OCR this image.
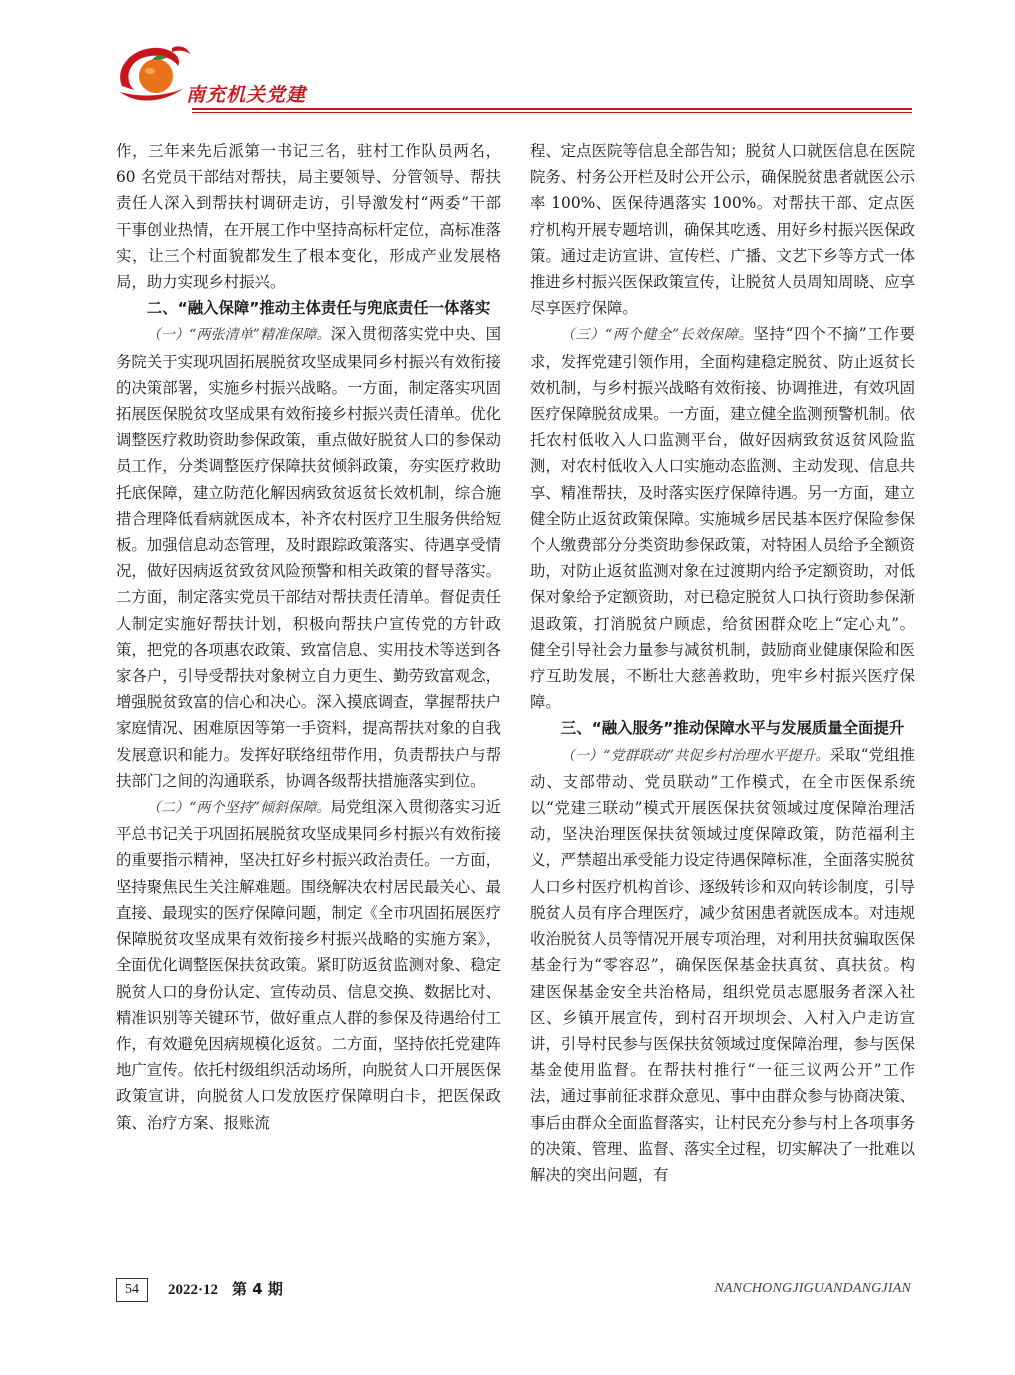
南充机关党建

作，三年来先后派第一书记三名，驻村工作队员两名，60 名党员干部结对帮扶，局主要领导、分管领导、帮扶责任人深入到帮扶村调研走访，引导激发村“两委”干部干事创业热情，在开展工作中坚持高标杆定位，高标准落实，让三个村面貌都发生了根本变化，形成产业发展格局，助力实现乡村振兴。

二、“融入保障”推动主体责任与兜底责任一体落实

（一）“两张清单”精准保障。深入贯彻落实党中央、国务院关于实现巩固拓展脱贫攻坚成果同乡村振兴有效衔接的决策部署，实施乡村振兴战略。一方面，制定落实巩固拓展医保脱贫攻坚成果有效衔接乡村振兴责任清单。优化调整医疗救助资助参保政策，重点做好脱贫人口的参保动员工作，分类调整医疗保障扶贫倾斜政策，夯实医疗救助托底保障，建立防范化解因病致贫返贫长效机制，综合施措合理降低看病就医成本，补齐农村医疗卫生服务供给短板。加强信息动态管理，及时跟踪政策落实、待遇享受情况，做好因病返贫致贫风险预警和相关政策的督导落实。二方面，制定落实党员干部结对帮扶责任清单。督促责任人制定实施好帮扶计划，积极向帮扶户宣传党的方针政策，把党的各项惠农政策、致富信息、实用技术等送到各家各户，引导受帮扶对象树立自力更生、勤劳致富观念，增强脱贫致富的信心和决心。深入摸底调查，掌握帮扶户家庭情况、困难原因等第一手资料，提高帮扶对象的自我发展意识和能力。发挥好联络纽带作用，负责帮扶户与帮扶部门之间的沟通联系，协调各级帮扶措施落实到位。

（二）“两个坚持”倾斜保障。局党组深入贯彻落实习近平总书记关于巩固拓展脱贫攻坚成果同乡村振兴有效衔接的重要指示精神，坚决扛好乡村振兴政治责任。一方面，坚持聚焦民生关注解难题。围绕解决农村居民最关心、最直接、最现实的医疗保障问题，制定《全市巩固拓展医疗保障脱贫攻坚成果有效衔接乡村振兴战略的实施方案》，全面优化调整医保扶贫政策。紧盯防返贫监测对象、稳定脱贫人口的身份认定、宣传动员、信息交换、数据比对、精准识别等关键环节，做好重点人群的参保及待遇给付工作，有效避免因病规模化返贫。二方面，坚持依托党建阵地广宣传。依托村级组织活动场所，向脱贫人口开展医保政策宣讲，向脱贫人口发放医疗保障明白卡，把医保政策、治疗方案、报账流

程、定点医院等信息全部告知；脱贫人口就医信息在医院院务、村务公开栏及时公开公示，确保脱贫患者就医公示率 100%、医保待遇落实 100%。对帮扶干部、定点医疗机构开展专题培训，确保其吃透、用好乡村振兴医保政策。通过走访宣讲、宣传栏、广播、文艺下乡等方式一体推进乡村振兴医保政策宣传，让脱贫人员周知周晓、应享尽享医疗保障。

（三）“两个健全”长效保障。坚持“四个不摘”工作要求，发挥党建引领作用，全面构建稳定脱贫、防止返贫长效机制，与乡村振兴战略有效衔接、协调推进，有效巩固医疗保障脱贫成果。一方面，建立健全监测预警机制。依托农村低收入人口监测平台，做好因病致贫返贫风险监测，对农村低收入人口实施动态监测、主动发现、信息共享、精准帮扶，及时落实医疗保障待遇。另一方面，建立健全防止返贫政策保障。实施城乡居民基本医疗保险参保个人缴费部分分类资助参保政策，对特困人员给予全额资助，对防止返贫监测对象在过渡期内给予定额资助，对低保对象给予定额资助，对已稳定脱贫人口执行资助参保渐退政策，打消脱贫户顾虑，给贫困群众吃上“定心丸”。健全引导社会力量参与减贫机制，鼓励商业健康保险和医疗互助发展，不断壮大慈善救助，兜牢乡村振兴医疗保障。

三、“融入服务”推动保障水平与发展质量全面提升

（一）“党群联动”共促乡村治理水平提升。采取“党组推动、支部带动、党员联动”工作模式，在全市医保系统以“党建三联动”模式开展医保扶贫领域过度保障治理活动，坚决治理医保扶贫领域过度保障政策，防范福利主义，严禁超出承受能力设定待遇保障标准，全面落实脱贫人口乡村医疗机构首诊、逐级转诊和双向转诊制度，引导脱贫人员有序合理医疗，减少贫困患者就医成本。对违规收治脱贫人员等情况开展专项治理，对利用扶贫骗取医保基金行为“零容忍”，确保医保基金扶真贫、真扶贫。构建医保基金安全共治格局，组织党员志愿服务者深入社区、乡镇开展宣传，到村召开坝坝会、入村入户走访宣讲，引导村民参与医保扶贫领域过度保障治理，参与医保基金使用监督。在帮扶村推行“一征三议两公开”工作法，通过事前征求群众意见、事中由群众参与协商决策、事后由群众全面监督落实，让村民充分参与村上各项事务的决策、管理、监督、落实全过程，切实解决了一批难以解决的突出问题，有

54	2022·12 第 4 期	NANCHONGJIGUANDANGJIAN
